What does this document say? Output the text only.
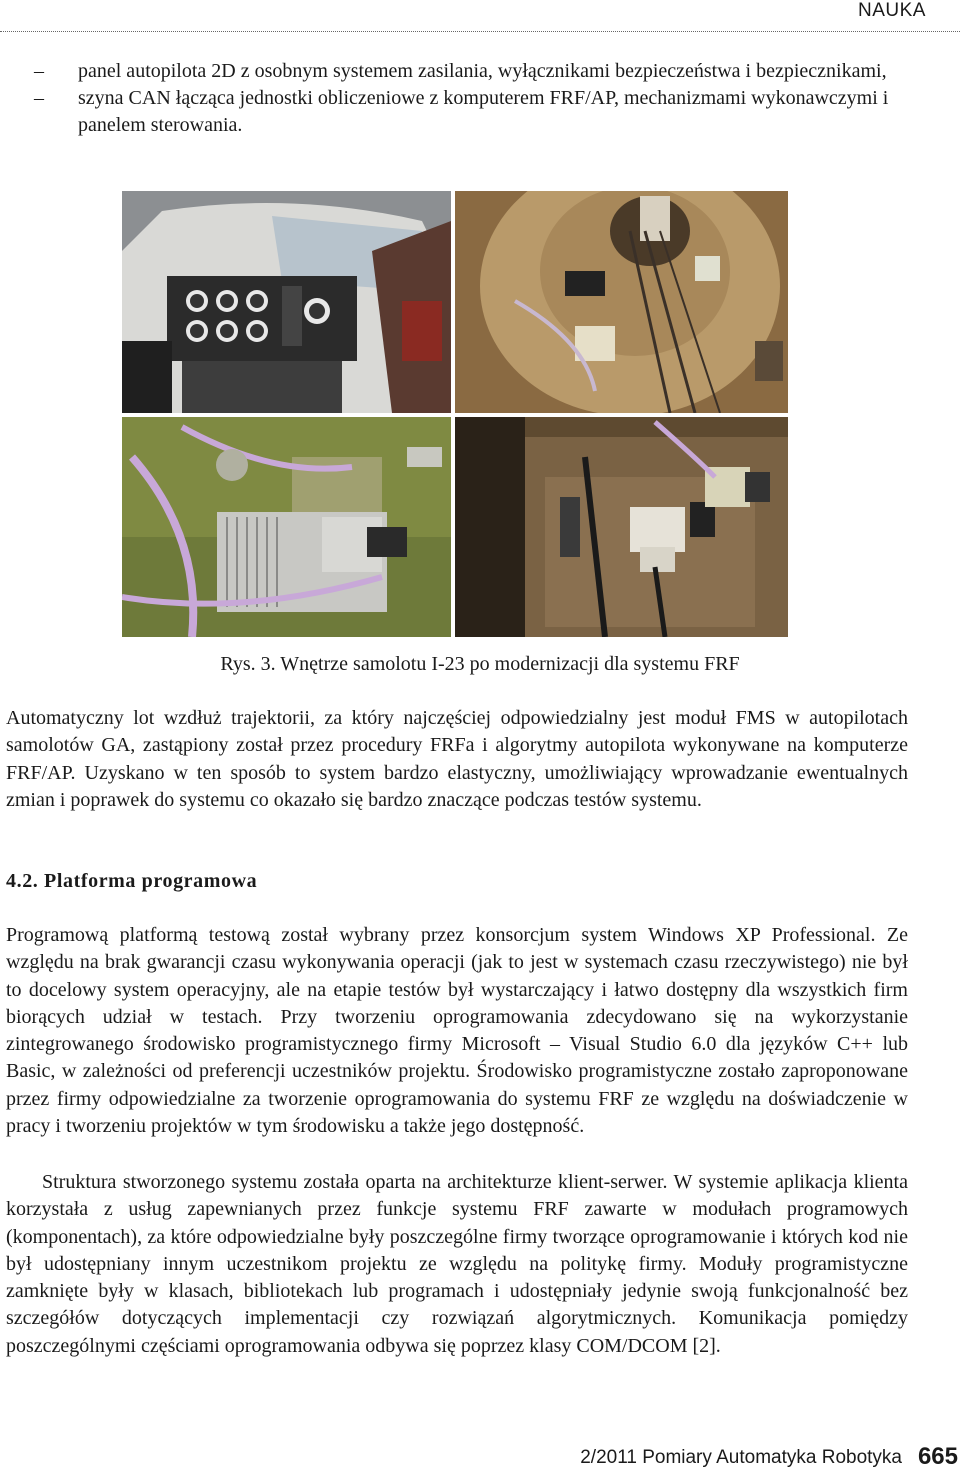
NAUKA
– panel autopilota 2D z osobnym systemem zasilania, wyłącznikami bezpieczeństwa i bezpiecznikami,
– szyna CAN łącząca jednostki obliczeniowe z komputerem FRF/AP, mechanizmami wykonawczymi i panelem sterowania.
Rys. 3. Wnętrze samolotu I-23 po modernizacji dla systemu FRF

Automatyczny lot wzdłuż trajektorii, za który najczęściej odpowiedzialny jest moduł FMS w autopilotach samolotów GA, zastąpiony został przez procedury FRFa i algorytmy autopilota wykonywane na komputerze FRF/AP. Uzyskano w ten sposób to system bardzo elastyczny, umożliwiający wprowadzanie ewentualnych zmian i poprawek do systemu co okazało się bardzo znaczące podczas testów systemu.

4.2. Platforma programowa

Programową platformą testową został wybrany przez konsorcjum system Windows XP Professional. Ze względu na brak gwarancji czasu wykonywania operacji (jak to jest w systemach czasu rzeczywistego) nie był to docelowy system operacyjny, ale na etapie testów był wystarczający i łatwo dostępny dla wszystkich firm biorących udział w testach. Przy tworzeniu oprogramowania zdecydowano się na wykorzystanie zintegrowanego środowisko programistycznego firmy Microsoft – Visual Studio 6.0 dla języków C++ lub Basic, w zależności od preferencji uczestników projektu. Środowisko programistyczne zostało zaproponowane przez firmy odpowiedzialne za tworzenie oprogramowania do systemu FRF ze względu na doświadczenie w pracy i tworzeniu projektów w tym środowisku a także jego dostępność.

Struktura stworzonego systemu została oparta na architekturze klient-serwer. W systemie aplikacja klienta korzystała z usług zapewnianych przez funkcje systemu FRF zawarte w modułach programowych (komponentach), za które odpowiedzialne były poszczególne firmy tworzące oprogramowanie i których kod nie był udostępniany innym uczestnikom projektu ze względu na politykę firmy. Moduły programistyczne zamknięte były w klasach, bibliotekach lub programach i udostępniały jedynie swoją funkcjonalność bez szczegółów dotyczących implementacji czy rozwiązań algorytmicznych. Komunikacja pomiędzy poszczególnymi częściami oprogramowania odbywa się poprzez klasy COM/DCOM [2].

2/2011 Pomiary Automatyka Robotyka 665
